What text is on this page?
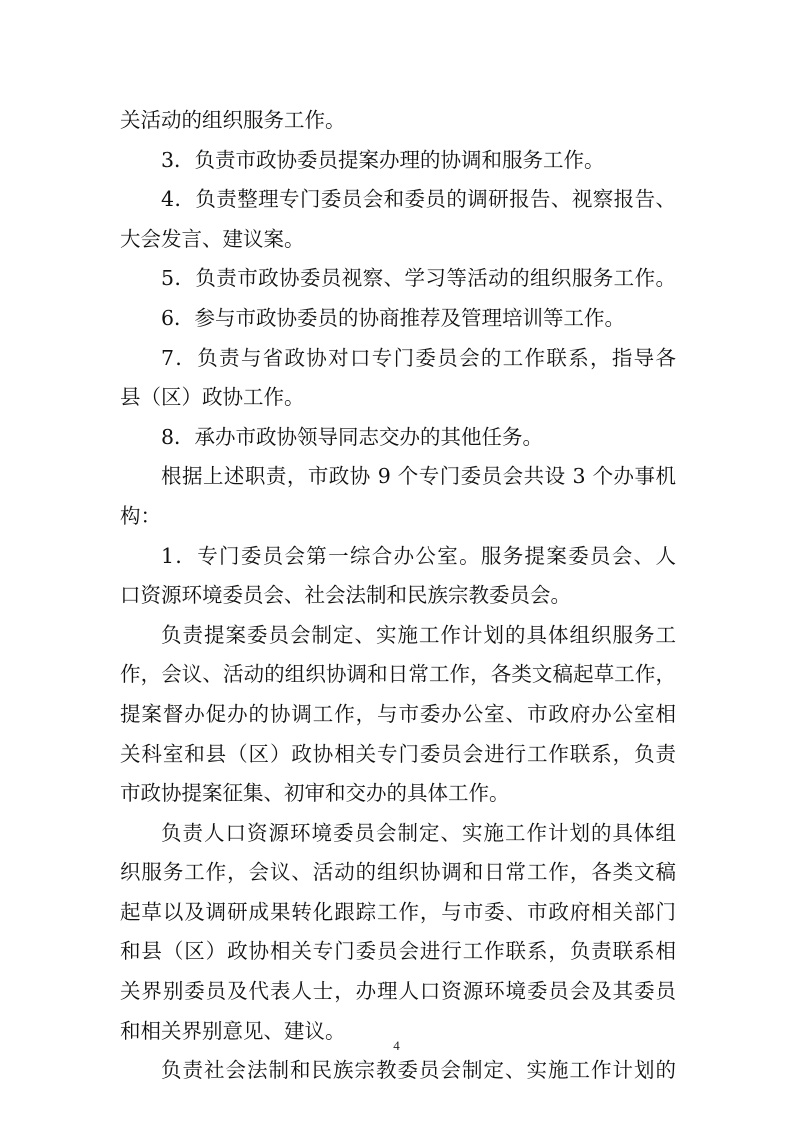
关活动的组织服务工作。
3．负责市政协委员提案办理的协调和服务工作。
4．负责整理专门委员会和委员的调研报告、视察报告、
大会发言、建议案。
5．负责市政协委员视察、学习等活动的组织服务工作。
6．参与市政协委员的协商推荐及管理培训等工作。
7．负责与省政协对口专门委员会的工作联系，指导各
县（区）政协工作。
8．承办市政协领导同志交办的其他任务。
根据上述职责，市政协 9 个专门委员会共设 3 个办事机
构：
1．专门委员会第一综合办公室。服务提案委员会、人
口资源环境委员会、社会法制和民族宗教委员会。
负责提案委员会制定、实施工作计划的具体组织服务工
作，会议、活动的组织协调和日常工作，各类文稿起草工作，
提案督办促办的协调工作，与市委办公室、市政府办公室相
关科室和县（区）政协相关专门委员会进行工作联系，负责
市政协提案征集、初审和交办的具体工作。
负责人口资源环境委员会制定、实施工作计划的具体组
织服务工作，会议、活动的组织协调和日常工作，各类文稿
起草以及调研成果转化跟踪工作，与市委、市政府相关部门
和县（区）政协相关专门委员会进行工作联系，负责联系相
关界别委员及代表人士，办理人口资源环境委员会及其委员
和相关界别意见、建议。
负责社会法制和民族宗教委员会制定、实施工作计划的
4
